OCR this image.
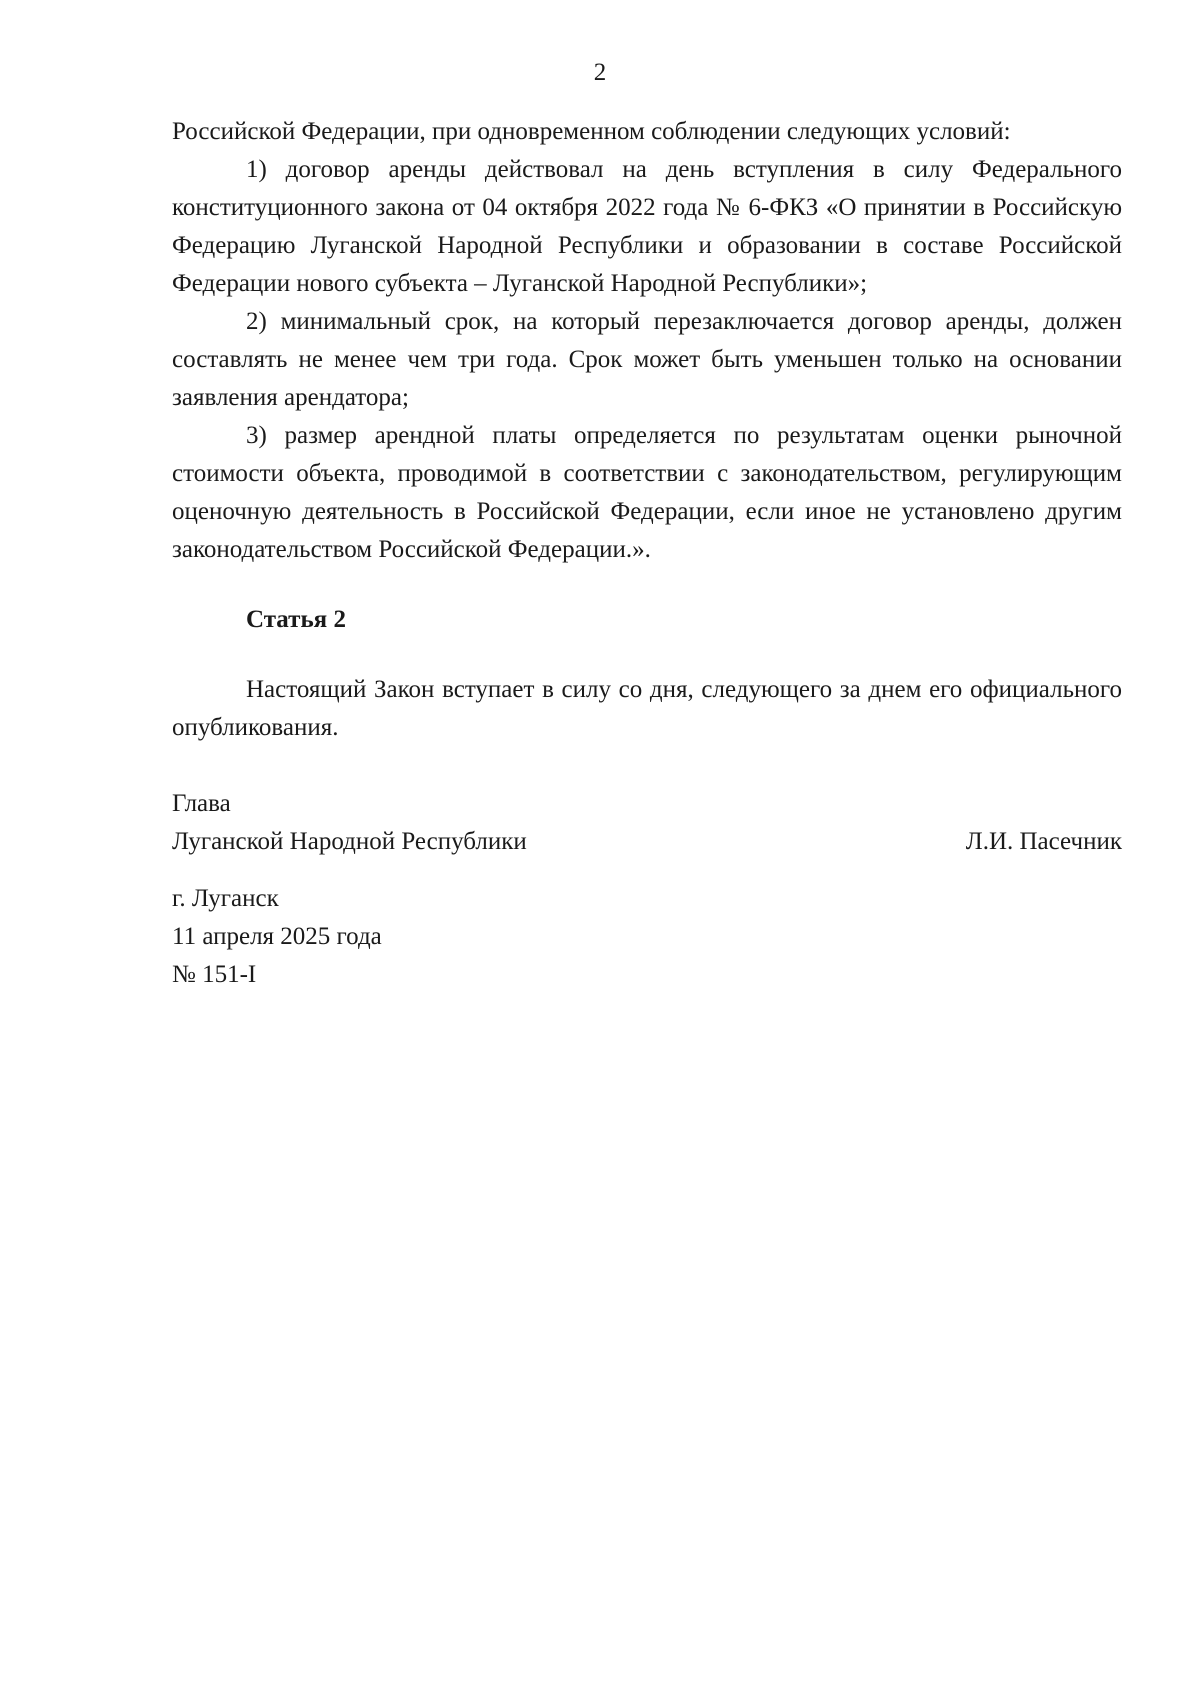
2

Российской Федерации, при одновременном соблюдении следующих условий:

1) договор аренды действовал на день вступления в силу Федерального конституционного закона от 04 октября 2022 года № 6-ФКЗ «О принятии в Российскую Федерацию Луганской Народной Республики и образовании в составе Российской Федерации нового субъекта – Луганской Народной Республики»;

2) минимальный срок, на который перезаключается договор аренды, должен составлять не менее чем три года. Срок может быть уменьшен только на основании заявления арендатора;

3) размер арендной платы определяется по результатам оценки рыночной стоимости объекта, проводимой в соответствии с законодательством, регулирующим оценочную деятельность в Российской Федерации, если иное не установлено другим законодательством Российской Федерации.».

Статья 2

Настоящий Закон вступает в силу со дня, следующего за днем его официального опубликования.

Глава
Луганской Народной Республики	Л.И. Пасечник
г. Луганск
11 апреля 2025 года
№ 151-I
